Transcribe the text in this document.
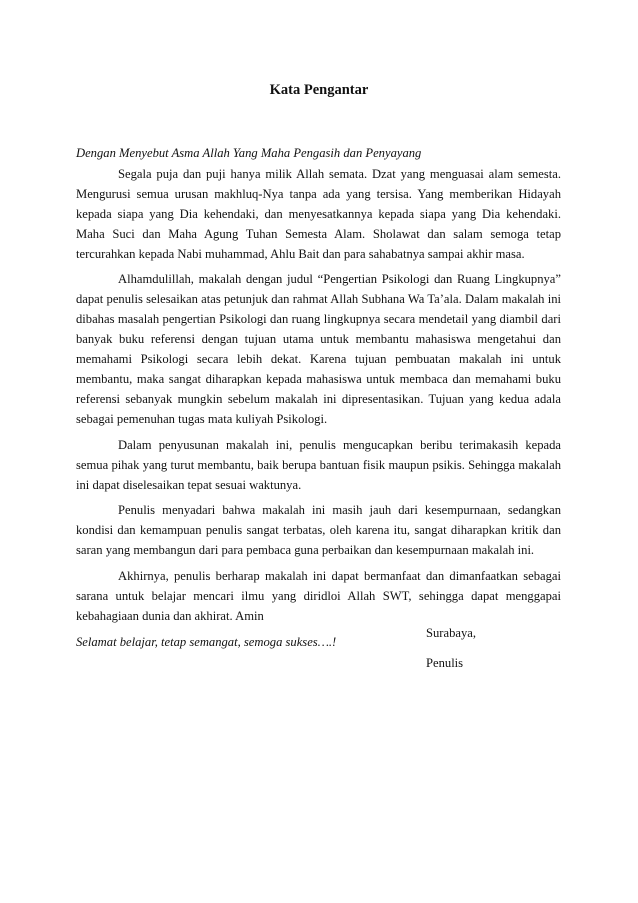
Kata Pengantar

Dengan Menyebut Asma Allah Yang Maha Pengasih dan Penyayang

Segala puja dan puji hanya milik Allah semata. Dzat yang menguasai alam semesta. Mengurusi semua urusan makhluq-Nya tanpa ada yang tersisa. Yang memberikan Hidayah kepada siapa yang Dia kehendaki, dan menyesatkannya kepada siapa yang Dia kehendaki. Maha Suci dan Maha Agung Tuhan Semesta Alam. Sholawat dan salam semoga tetap tercurahkan kepada Nabi muhammad, Ahlu Bait dan para sahabatnya sampai akhir masa.

Alhamdulillah, makalah dengan judul “Pengertian Psikologi dan Ruang Lingkupnya” dapat penulis selesaikan atas petunjuk dan rahmat Allah Subhana Wa Ta’ala. Dalam makalah ini dibahas masalah pengertian Psikologi dan ruang lingkupnya secara mendetail yang diambil dari banyak buku referensi dengan tujuan utama untuk membantu mahasiswa mengetahui dan memahami Psikologi secara lebih dekat. Karena tujuan pembuatan makalah ini untuk membantu, maka sangat diharapkan kepada mahasiswa untuk membaca dan memahami buku referensi sebanyak mungkin sebelum makalah ini dipresentasikan. Tujuan yang kedua adala sebagai pemenuhan tugas mata kuliyah Psikologi.

Dalam penyusunan makalah ini, penulis mengucapkan beribu terimakasih kepada semua pihak yang turut membantu, baik berupa bantuan fisik maupun psikis. Sehingga makalah ini dapat diselesaikan tepat sesuai waktunya.

Penulis menyadari bahwa makalah ini masih jauh dari kesempurnaan, sedangkan kondisi dan kemampuan penulis sangat terbatas, oleh karena itu, sangat diharapkan kritik dan saran yang membangun dari para pembaca guna perbaikan dan kesempurnaan makalah ini.

Akhirnya, penulis berharap makalah ini dapat bermanfaat dan dimanfaatkan sebagai sarana untuk belajar mencari ilmu yang diridloi Allah SWT, sehingga dapat menggapai kebahagiaan dunia dan akhirat. Amin

Selamat belajar, tetap semangat, semoga sukses….!

Surabaya,
Penulis
